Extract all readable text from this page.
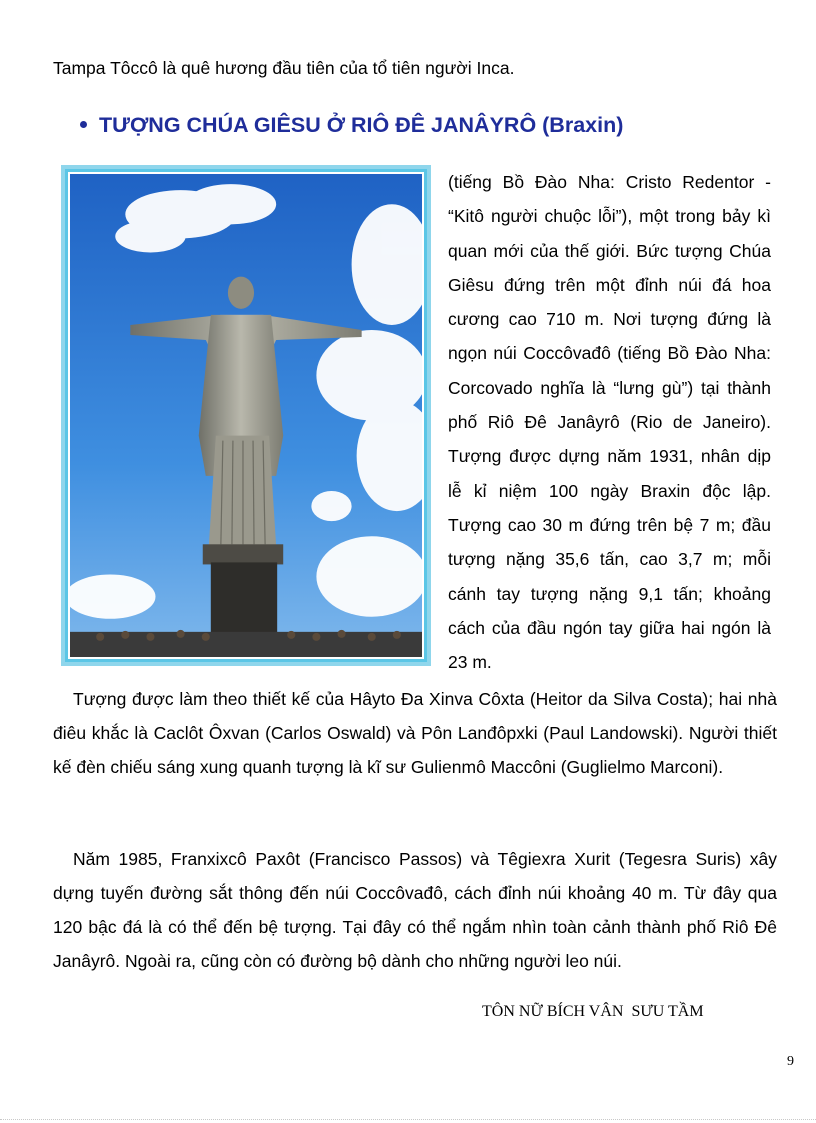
Tampa Tôccô là quê hương đầu tiên của tổ tiên người Inca.
TƯỢNG CHÚA GIÊSU Ở RIÔ ĐÊ JANÂYRÔ (Braxin)

(tiếng Bồ Đào Nha: Cristo Redentor - “Kitô người chuộc lỗi”), một trong bảy kì quan mới của thế giới. Bức tượng Chúa Giêsu đứng trên một đỉnh núi đá hoa cương cao 710 m. Nơi tượng đứng là ngọn núi Coccôvađô (tiếng Bồ Đào Nha: Corcovado nghĩa là “lưng gù”) tại thành phố Riô Đê Janâyrô (Rio de Janeiro). Tượng được dựng năm 1931, nhân dịp lễ kỉ niệm 100 ngày Braxin độc lập. Tượng cao 30 m đứng trên bệ 7 m; đầu tượng nặng 35,6 tấn, cao 3,7 m; mỗi cánh tay tượng nặng 9,1 tấn; khoảng cách của đầu ngón tay giữa hai ngón là 23 m.

Tượng được làm theo thiết kế của Hâyto Đa Xinva Côxta (Heitor da Silva Costa); hai nhà điêu khắc là Caclôt Ôxvan (Carlos Oswald) và Pôn Lanđôpxki (Paul Landowski). Người thiết kế đèn chiếu sáng xung quanh tượng là kĩ sư Gulienmô Maccôni (Guglielmo Marconi).

Năm 1985, Franxixcô Paxôt (Francisco Passos) và Têgiexra Xurit (Tegesra Suris) xây dựng tuyến đường sắt thông đến núi Coccôvađô, cách đỉnh núi khoảng 40 m. Từ đây qua 120 bậc đá là có thể đến bệ tượng. Tại đây có thể ngắm nhìn toàn cảnh thành phố Riô Đê Janâyrô. Ngoài ra, cũng còn có đường bộ dành cho những người leo núi.

TÔN NỮ BÍCH VÂN  SƯU TẦM
9
